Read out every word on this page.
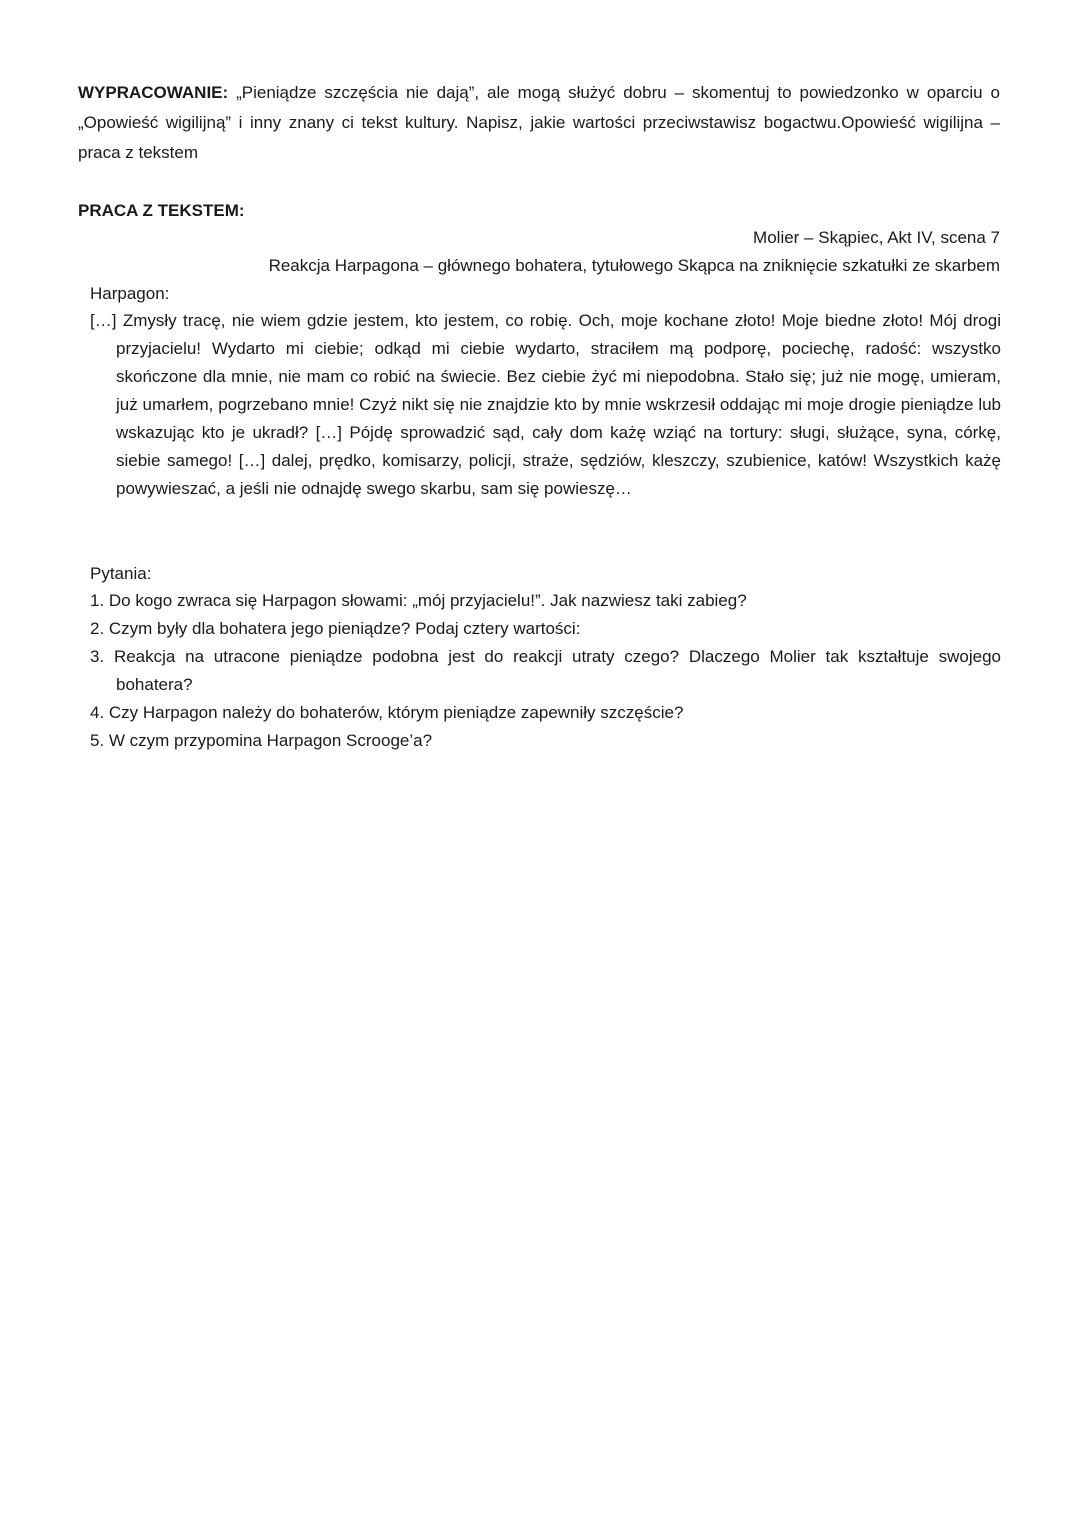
WYPRACOWANIE: „Pieniądze szczęścia nie dają”, ale mogą służyć dobru – skomentuj to powiedzonko w oparciu o „Opowieść wigilijną” i inny znany ci tekst kultury. Napisz, jakie wartości przeciwstawisz bogactwu.Opowieść wigilijna – praca z tekstem
PRACA Z TEKSTEM:
Molier – Skąpiec, Akt IV, scena 7
Reakcja Harpagona – głównego bohatera, tytułowego Skąpca na zniknięcie szkatułki ze skarbem
Harpagon:

[…] Zmysły tracę, nie wiem gdzie jestem, kto jestem, co robię. Och, moje kochane złoto! Moje biedne złoto! Mój drogi przyjacielu! Wydarto mi ciebie; odkąd mi ciebie wydarto, straciłem mą podporę, pociechę, radość: wszystko skończone dla mnie, nie mam co robić na świecie. Bez ciebie żyć mi niepodobna. Stało się; już nie mogę, umieram, już umarłem, pogrzebano mnie! Czyż nikt się nie znajdzie kto by mnie wskrzesił oddając mi moje drogie pieniądze lub wskazując kto je ukradł? […] Pójdę sprowadzić sąd, cały dom każę wziąć na tortury: sługi, służące, syna, córkę, siebie samego! […] dalej, prędko, komisarzy, policji, straże, sędziów, kleszczy, szubienice, katów! Wszystkich każę powywieszać, a jeśli nie odnajdę swego skarbu, sam się powieszę…

Pytania:
1. Do kogo zwraca się Harpagon słowami: „mój przyjacielu!”. Jak nazwiesz taki zabieg?
2. Czym były dla bohatera jego pieniądze? Podaj cztery wartości:
3. Reakcja na utracone pieniądze podobna jest do reakcji utraty czego? Dlaczego Molier tak kształtuje swojego bohatera?
4. Czy Harpagon należy do bohaterów, którym pieniądze zapewniły szczęście?
5. W czym przypomina Harpagon Scrooge’a?
